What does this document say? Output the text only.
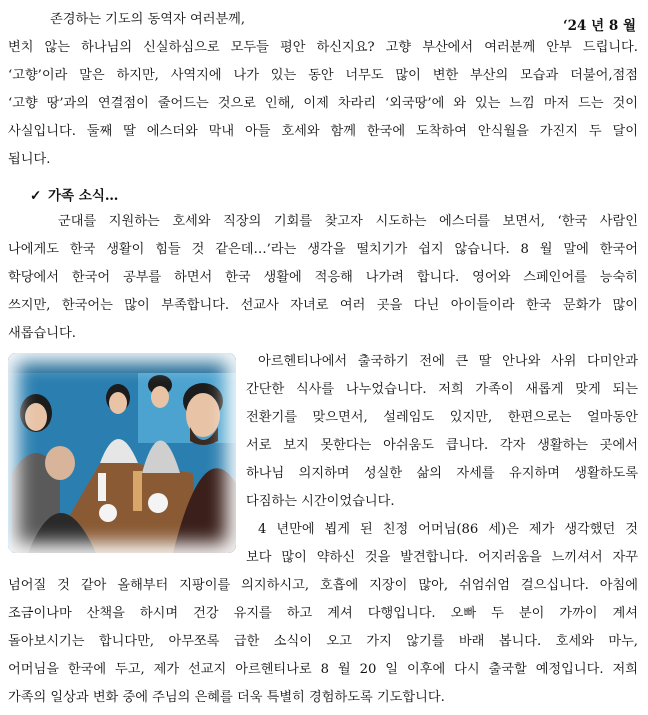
존경하는 기도의 동역자 여러분께,	‘24 년 8 월
변치 않는 하나님의 신실하심으로 모두들 평안 하신지요? 고향 부산에서 여러분께 안부 드립니다.
‘고향’이라 말은 하지만, 사역지에 나가 있는 동안 너무도 많이 변한 부산의 모습과 더불어,점점
‘고향 땅’과의 연결점이 줄어드는 것으로 인해, 이제 차라리 ‘외국땅’에 와 있는 느낌 마저 드는 것이
사실입니다. 둘째 딸 에스더와 막내 아들 호세와 함께 한국에 도착하여 안식월을 가진지 두 달이
됩니다.
✓ 가족 소식…
군대를 지원하는 호세와 직장의 기회를 찾고자 시도하는 에스더를 보면서, ‘한국 사람인
나에게도 한국 생활이 힘들 것 같은데…’라는 생각을 떨치기가 쉽지 않습니다. 8 월 말에 한국어
학당에서 한국어 공부를 하면서 한국 생활에 적응해 나가려 합니다. 영어와 스페인어를 능숙히
쓰지만, 한국어는 많이 부족합니다. 선교사 자녀로 여러 곳을 다닌 아이들이라 한국 문화가 많이
새롭습니다.
아르헨티나에서 출국하기 전에 큰 딸 안나와 사위 다미안과
간단한 식사를 나누었습니다. 저희 가족이 새롭게 맞게 되는
전환기를 맞으면서, 설레임도 있지만, 한편으로는 얼마동안
서로 보지 못한다는 아쉬움도 큽니다. 각자 생활하는 곳에서
하나님 의지하며 성실한 삶의 자세를 유지하며 생활하도록
다짐하는 시간이었습니다.
4 년만에 뵙게 된 친정 어머님(86 세)은 제가 생각했던 것
보다 많이 약하신 것을 발견합니다. 어지러움을 느끼셔서 자꾸
넘어질 것 같아 올해부터 지팡이를 의지하시고, 호흡에 지장이 많아, 쉬엄쉬엄 걸으십니다. 아침에
조금이나마 산책을 하시며 건강 유지를 하고 계셔 다행입니다. 오빠 두 분이 가까이 계셔
돌아보시기는 합니다만, 아무쪼록 급한 소식이 오고 가지 않기를 바래 봅니다. 호세와 마누,
어머님을 한국에 두고, 제가 선교지 아르헨티나로 8 월 20 일 이후에 다시 출국할 예정입니다. 저희
가족의 일상과 변화 중에 주님의 은혜를 더욱 특별히 경험하도록 기도합니다.
